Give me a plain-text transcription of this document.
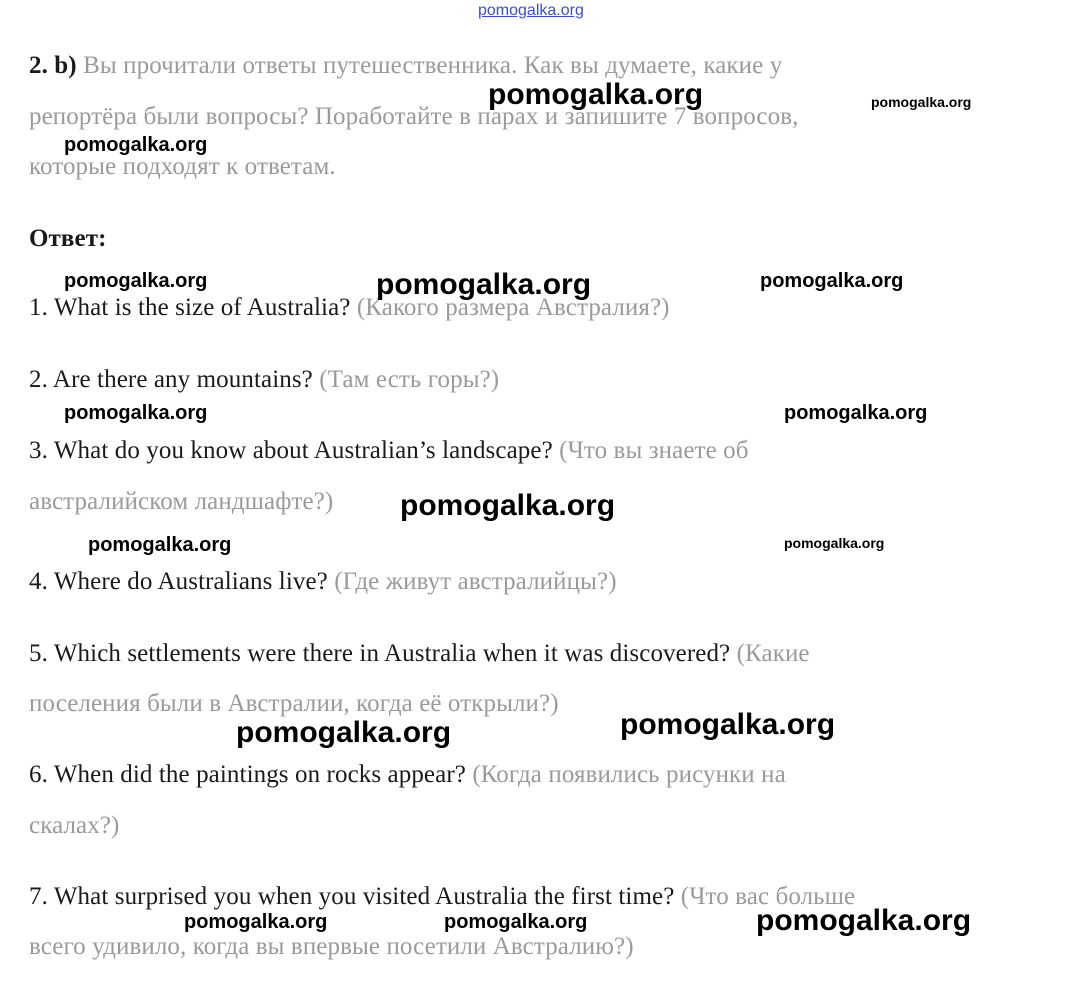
pomogalka.org
2. b) Вы прочитали ответы путешественника. Как вы думаете, какие у
репортёра были вопросы? Поработайте в парах и запишите 7 вопросов,
которые подходят к ответам.
Ответ:
1. What is the size of Australia? (Какого размера Австралия?)
2. Are there any mountains? (Там есть горы?)
3. What do you know about Australian’s landscape? (Что вы знаете об
австралийском ландшафте?)
4. Where do Australians live? (Где живут австралийцы?)
5. Which settlements were there in Australia when it was discovered? (Какие
поселения были в Австралии, когда её открыли?)
6. When did the paintings on rocks appear? (Когда появились рисунки на
скалах?)
7. What surprised you when you visited Australia the first time? (Что вас больше
всего удивило, когда вы впервые посетили Австралию?)
pomogalka.org	pomogalka.org
pomogalka.org
pomogalka.org	pomogalka.org	pomogalka.org
pomogalka.org	pomogalka.org
pomogalka.org
pomogalka.org	pomogalka.org
pomogalka.org
pomogalka.org
pomogalka.org	pomogalka.org	pomogalka.org
